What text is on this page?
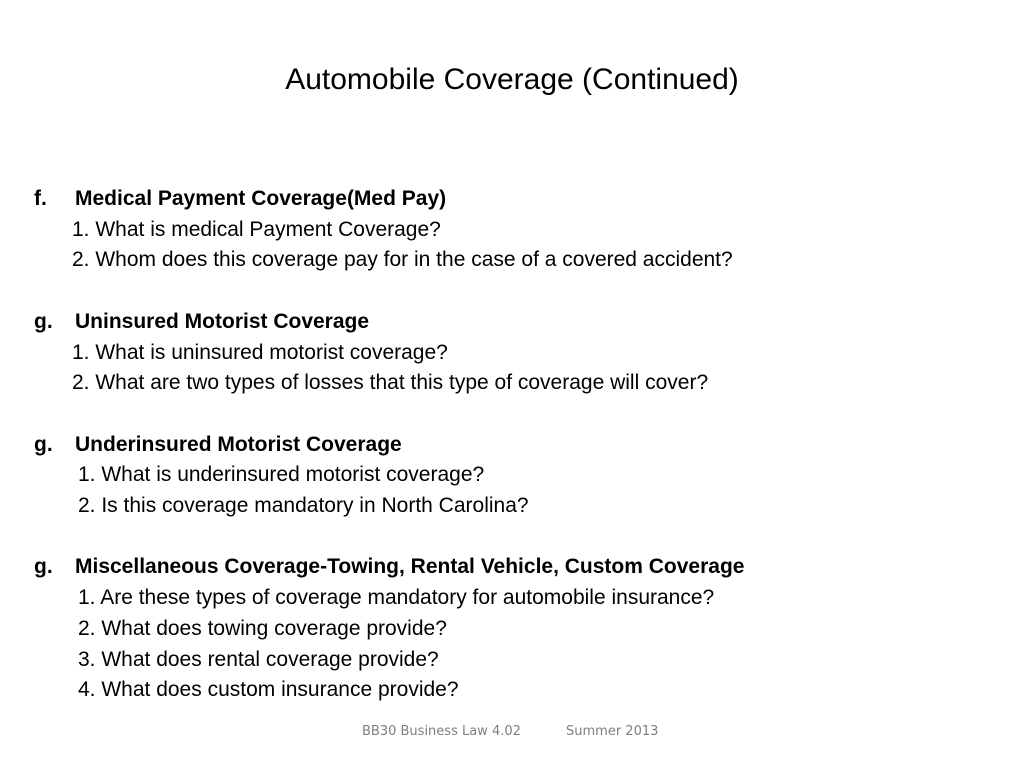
Automobile Coverage (Continued)
f.	Medical Payment Coverage(Med Pay)
1. What is medical Payment Coverage?
2. Whom does this coverage pay for in the case of a covered accident?
g.	Uninsured Motorist Coverage
1. What is uninsured motorist coverage?
2. What are two types of losses that this type of coverage will cover?
g.	Underinsured Motorist Coverage
1. What is underinsured motorist coverage?
2. Is this coverage mandatory in North Carolina?
g.	Miscellaneous Coverage-Towing, Rental Vehicle, Custom Coverage
1. Are these types of coverage mandatory for automobile insurance?
2. What does towing coverage provide?
3. What does rental coverage provide?
4. What does custom insurance provide?
BB30 Business Law 4.02	Summer 2013
